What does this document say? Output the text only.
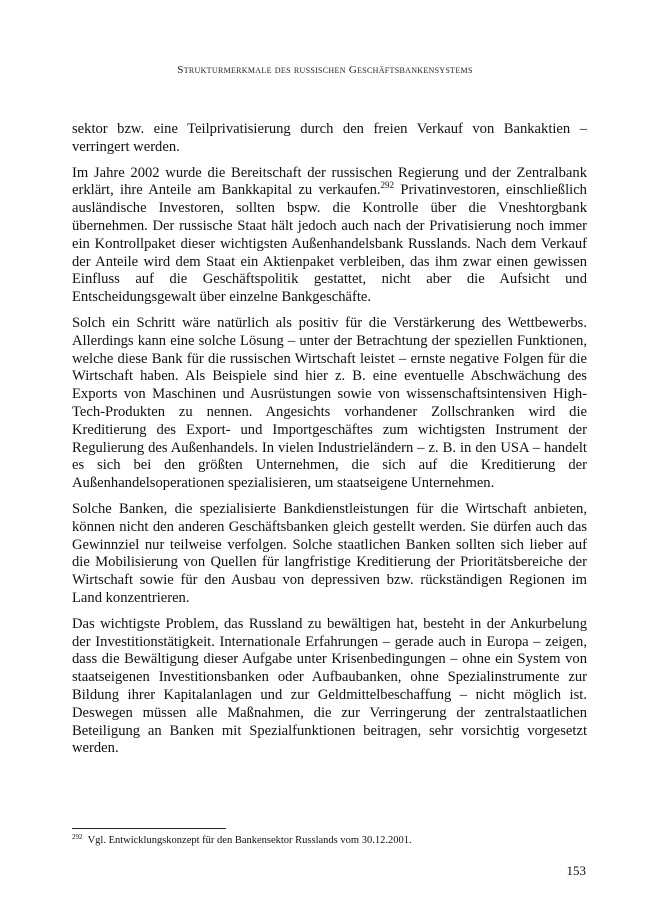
Strukturmerkmale des russischen Geschäftsbankensystems

sektor bzw. eine Teilprivatisierung durch den freien Verkauf von Bankaktien – verringert werden.

Im Jahre 2002 wurde die Bereitschaft der russischen Regierung und der Zentralbank erklärt, ihre Anteile am Bankkapital zu verkaufen.$^{292}$ Privatinvestoren, einschließlich ausländische Investoren, sollten bspw. die Kontrolle über die Vneshtorgbank übernehmen. Der russische Staat hält jedoch auch nach der Privatisierung noch immer ein Kontrollpaket dieser wichtigsten Außenhandelsbank Russlands. Nach dem Verkauf der Anteile wird dem Staat ein Aktienpaket verbleiben, das ihm zwar einen gewissen Einfluss auf die Geschäftspolitik gestattet, nicht aber die Aufsicht und Entscheidungsgewalt über einzelne Bankgeschäfte.

Solch ein Schritt wäre natürlich als positiv für die Verstärkerung des Wettbewerbs. Allerdings kann eine solche Lösung – unter der Betrachtung der speziellen Funktionen, welche diese Bank für die russischen Wirtschaft leistet – ernste negative Folgen für die Wirtschaft haben. Als Beispiele sind hier z. B. eine eventuelle Abschwächung des Exports von Maschinen und Ausrüstungen sowie von wissenschaftsintensiven High-Tech-Produkten zu nennen. Angesichts vorhandener Zollschranken wird die Kreditierung des Export- und Importgeschäftes zum wichtigsten Instrument der Regulierung des Außenhandels. In vielen Industrieländern – z. B. in den USA – handelt es sich bei den größten Unternehmen, die sich auf die Kreditierung der Außenhandelsoperationen spezialisieren, um staatseigene Unternehmen.

Solche Banken, die spezialisierte Bankdienstleistungen für die Wirtschaft anbieten, können nicht den anderen Geschäftsbanken gleich gestellt werden. Sie dürfen auch das Gewinnziel nur teilweise verfolgen. Solche staatlichen Banken sollten sich lieber auf die Mobilisierung von Quellen für langfristige Kreditierung der Prioritätsbereiche der Wirtschaft sowie für den Ausbau von depressiven bzw. rückständigen Regionen im Land konzentrieren.

Das wichtigste Problem, das Russland zu bewältigen hat, besteht in der Ankurbelung der Investitionstätigkeit. Internationale Erfahrungen – gerade auch in Europa – zeigen, dass die Bewältigung dieser Aufgabe unter Krisenbedingungen – ohne ein System von staatseigenen Investitionsbanken oder Aufbaubanken, ohne Spezialinstrumente zur Bildung ihrer Kapitalanlagen und zur Geldmittelbeschaffung – nicht möglich ist. Deswegen müssen alle Maßnahmen, die zur Verringerung der zentralstaatlichen Beteiligung an Banken mit Spezialfunktionen beitragen, sehr vorsichtig vorgesetzt werden.

$^{292}$ Vgl. Entwicklungskonzept für den Bankensektor Russlands vom 30.12.2001.
153
